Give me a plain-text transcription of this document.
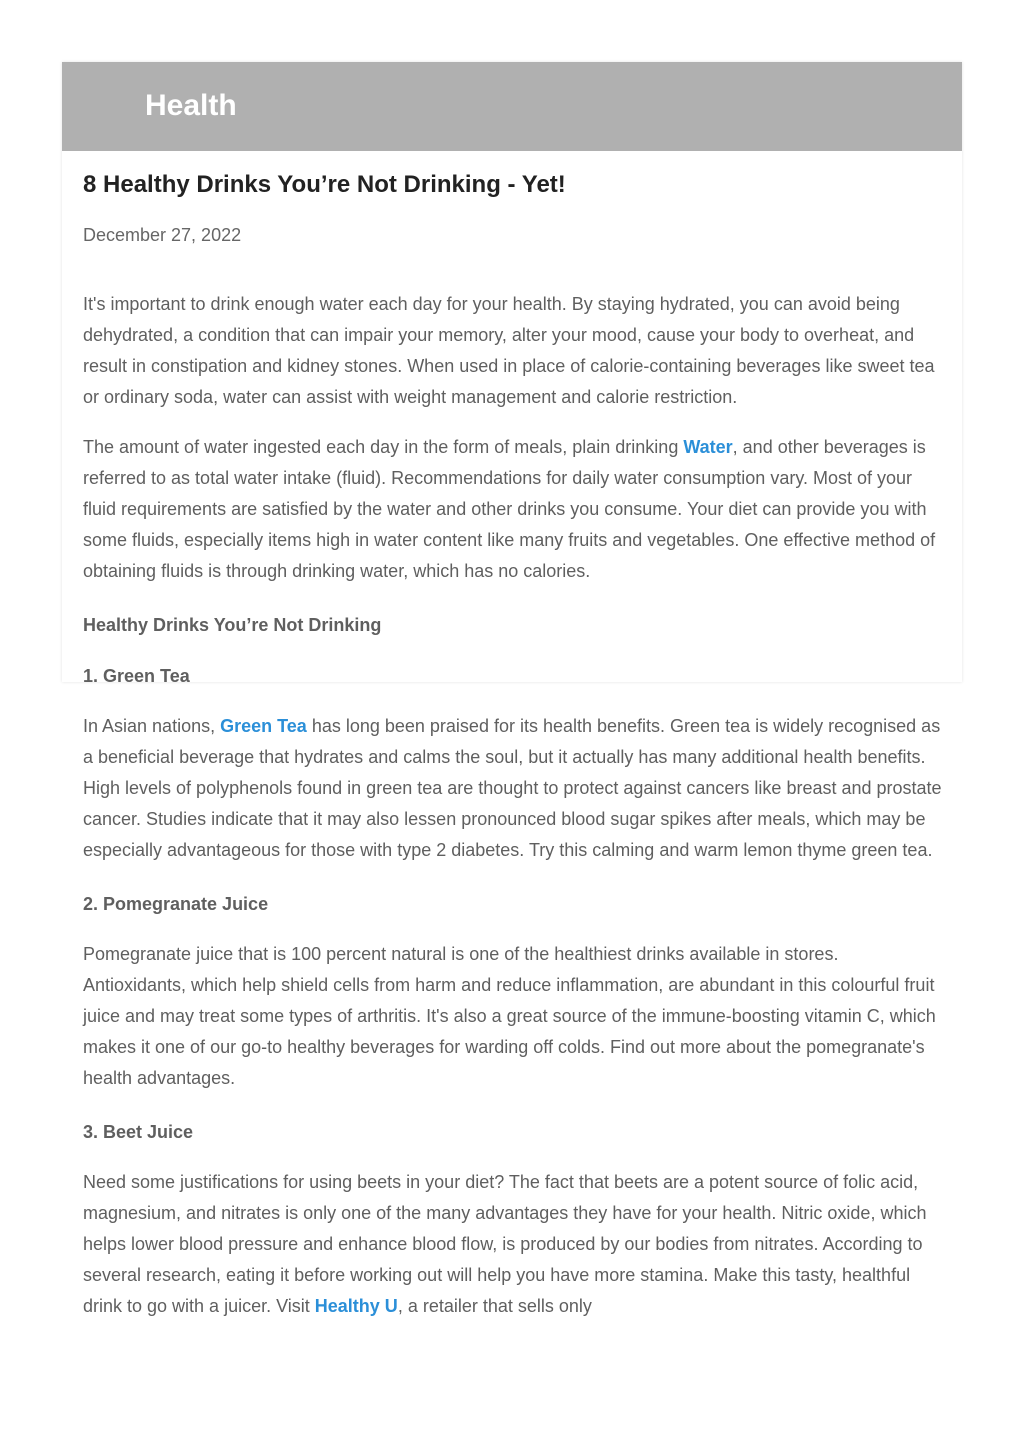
Health
8 Healthy Drinks You’re Not Drinking - Yet!

December 27, 2022

It's important to drink enough water each day for your health. By staying hydrated, you can avoid being dehydrated, a condition that can impair your memory, alter your mood, cause your body to overheat, and result in constipation and kidney stones. When used in place of calorie-containing beverages like sweet tea or ordinary soda, water can assist with weight management and calorie restriction.

The amount of water ingested each day in the form of meals, plain drinking Water, and other beverages is referred to as total water intake (fluid). Recommendations for daily water consumption vary. Most of your fluid requirements are satisfied by the water and other drinks you consume. Your diet can provide you with some fluids, especially items high in water content like many fruits and vegetables. One effective method of obtaining fluids is through drinking water, which has no calories.

Healthy Drinks You’re Not Drinking

1. Green Tea

In Asian nations, Green Tea has long been praised for its health benefits. Green tea is widely recognised as a beneficial beverage that hydrates and calms the soul, but it actually has many additional health benefits. High levels of polyphenols found in green tea are thought to protect against cancers like breast and prostate cancer. Studies indicate that it may also lessen pronounced blood sugar spikes after meals, which may be especially advantageous for those with type 2 diabetes. Try this calming and warm lemon thyme green tea.

2. Pomegranate Juice

Pomegranate juice that is 100 percent natural is one of the healthiest drinks available in stores. Antioxidants, which help shield cells from harm and reduce inflammation, are abundant in this colourful fruit juice and may treat some types of arthritis. It's also a great source of the immune-boosting vitamin C, which makes it one of our go-to healthy beverages for warding off colds. Find out more about the pomegranate's health advantages.

3. Beet Juice

Need some justifications for using beets in your diet? The fact that beets are a potent source of folic acid, magnesium, and nitrates is only one of the many advantages they have for your health. Nitric oxide, which helps lower blood pressure and enhance blood flow, is produced by our bodies from nitrates. According to several research, eating it before working out will help you have more stamina. Make this tasty, healthful drink to go with a juicer. Visit Healthy U, a retailer that sells only
